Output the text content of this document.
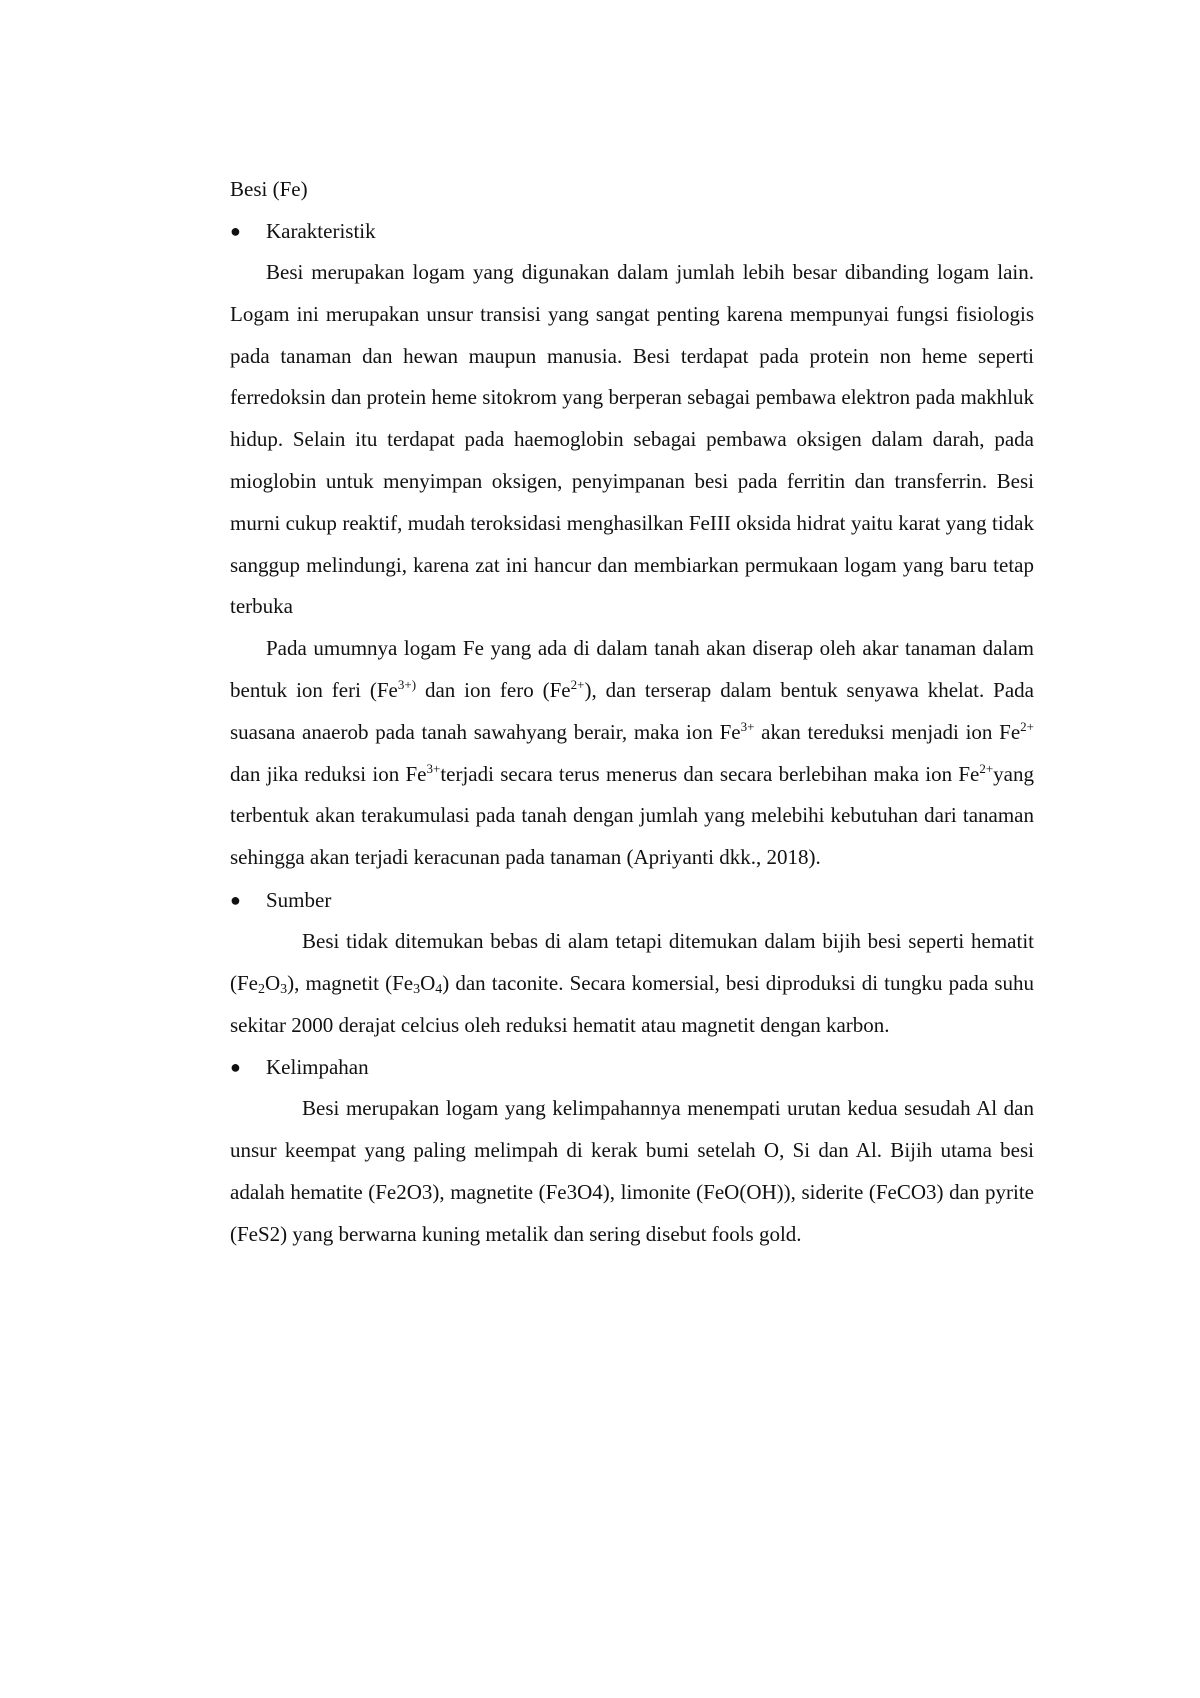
Besi (Fe)
●	Karakteristik

Besi merupakan logam yang digunakan dalam jumlah lebih besar dibanding logam lain. Logam ini merupakan unsur transisi yang sangat penting karena mempunyai fungsi fisiologis pada tanaman dan hewan maupun manusia. Besi terdapat pada protein non heme seperti ferredoksin dan protein heme sitokrom yang berperan sebagai pembawa elektron pada makhluk hidup. Selain itu terdapat pada haemoglobin sebagai pembawa oksigen dalam darah, pada mioglobin untuk menyimpan oksigen, penyimpanan besi pada ferritin dan transferrin. Besi murni cukup reaktif, mudah teroksidasi menghasilkan FeIII oksida hidrat yaitu karat yang tidak sanggup melindungi, karena zat ini hancur dan membiarkan permukaan logam yang baru tetap terbuka

Pada umumnya logam Fe yang ada di dalam tanah akan diserap oleh akar tanaman dalam bentuk ion feri ($Fe^{3+)}$ dan ion fero $(Fe^{2+})$, dan terserap dalam bentuk senyawa khelat. Pada suasana anaerob pada tanah sawahyang berair, maka ion $Fe^{3+}$ akan tereduksi menjadi ion $Fe^{2+}$ dan jika reduksi ion $Fe^{3+}terjadi$ secara terus menerus dan secara berlebihan maka ion $Fe^{2+}yang$ terbentuk akan terakumulasi pada tanah dengan jumlah yang melebihi kebutuhan dari tanaman sehingga akan terjadi keracunan pada tanaman (Apriyanti dkk., 2018).

●	Sumber

Besi tidak ditemukan bebas di alam tetapi ditemukan dalam bijih besi seperti hematit $(Fe_2O_3)$, magnetit $(Fe_3O_4)$ dan taconite. Secara komersial, besi diproduksi di tungku pada suhu sekitar 2000 derajat celcius oleh reduksi hematit atau magnetit dengan karbon.

●	Kelimpahan

Besi merupakan logam yang kelimpahannya menempati urutan kedua sesudah Al dan unsur keempat yang paling melimpah di kerak bumi setelah O, Si dan Al. Bijih utama besi adalah hematite (Fe2O3), magnetite (Fe3O4), limonite (FeO(OH)), siderite (FeCO3) dan pyrite (FeS2) yang berwarna kuning metalik dan sering disebut fools gold.
